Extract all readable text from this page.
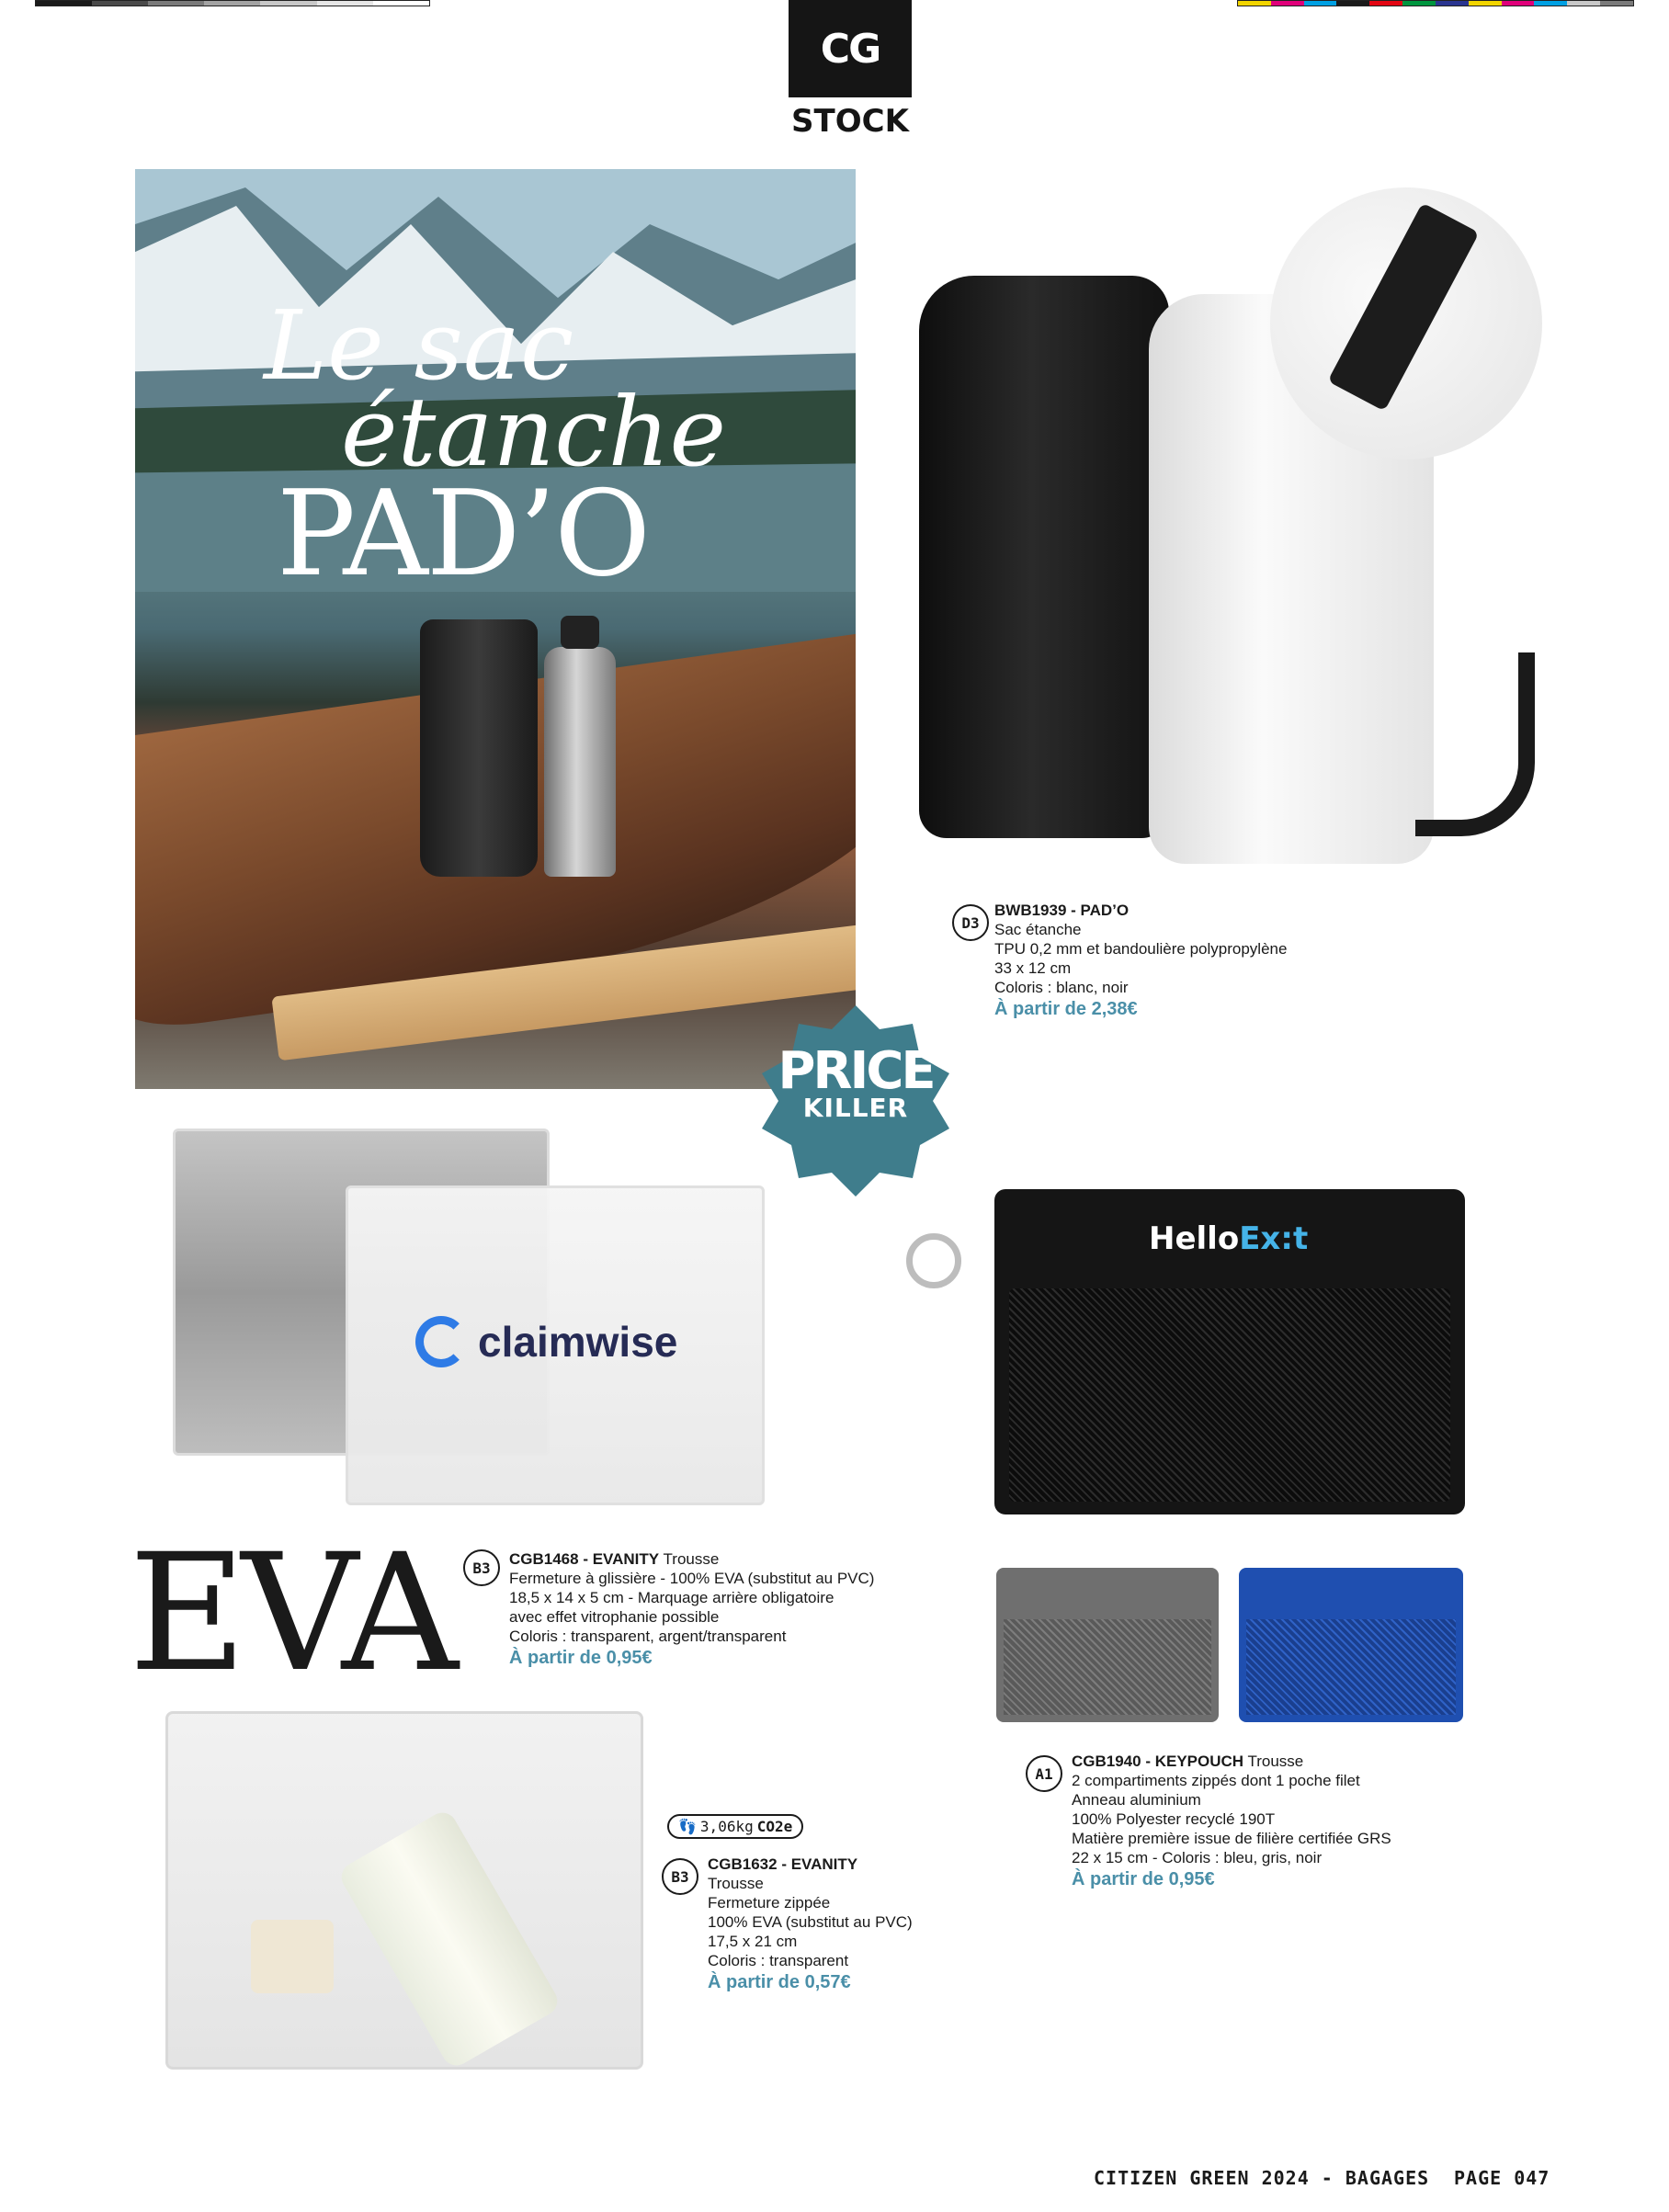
CG
STOCK
Le sac
étanche
PAD’O
D3
BWB1939 - PAD’O
Sac étanche
TPU 0,2 mm et bandoulière polypropylène
33 x 12 cm
Coloris : blanc, noir
À partir de 2,38€
PRICE
KILLER
claimwise
EVA	B3	CGB1468 - EVANITY Trousse
Fermeture à glissière - 100% EVA (substitut au PVC)
18,5 x 14 x 5 cm - Marquage arrière obligatoire
avec effet vitrophanie possible
Coloris : transparent, argent/transparent
À partir de 0,95€
👣 3,06kg CO2e
B3
CGB1632 - EVANITY
Trousse
Fermeture zippée
100% EVA (substitut au PVC)
17,5 x 21 cm
Coloris : transparent
À partir de 0,57€
HelloEx:t
A1
CGB1940 - KEYPOUCH Trousse
2 compartiments zippés dont 1 poche filet
Anneau aluminium
100% Polyester recyclé 190T
Matière première issue de filière certifiée GRS
22 x 15 cm - Coloris : bleu, gris, noir
À partir de 0,95€
CITIZEN GREEN 2024 - BAGAGES PAGE 047
